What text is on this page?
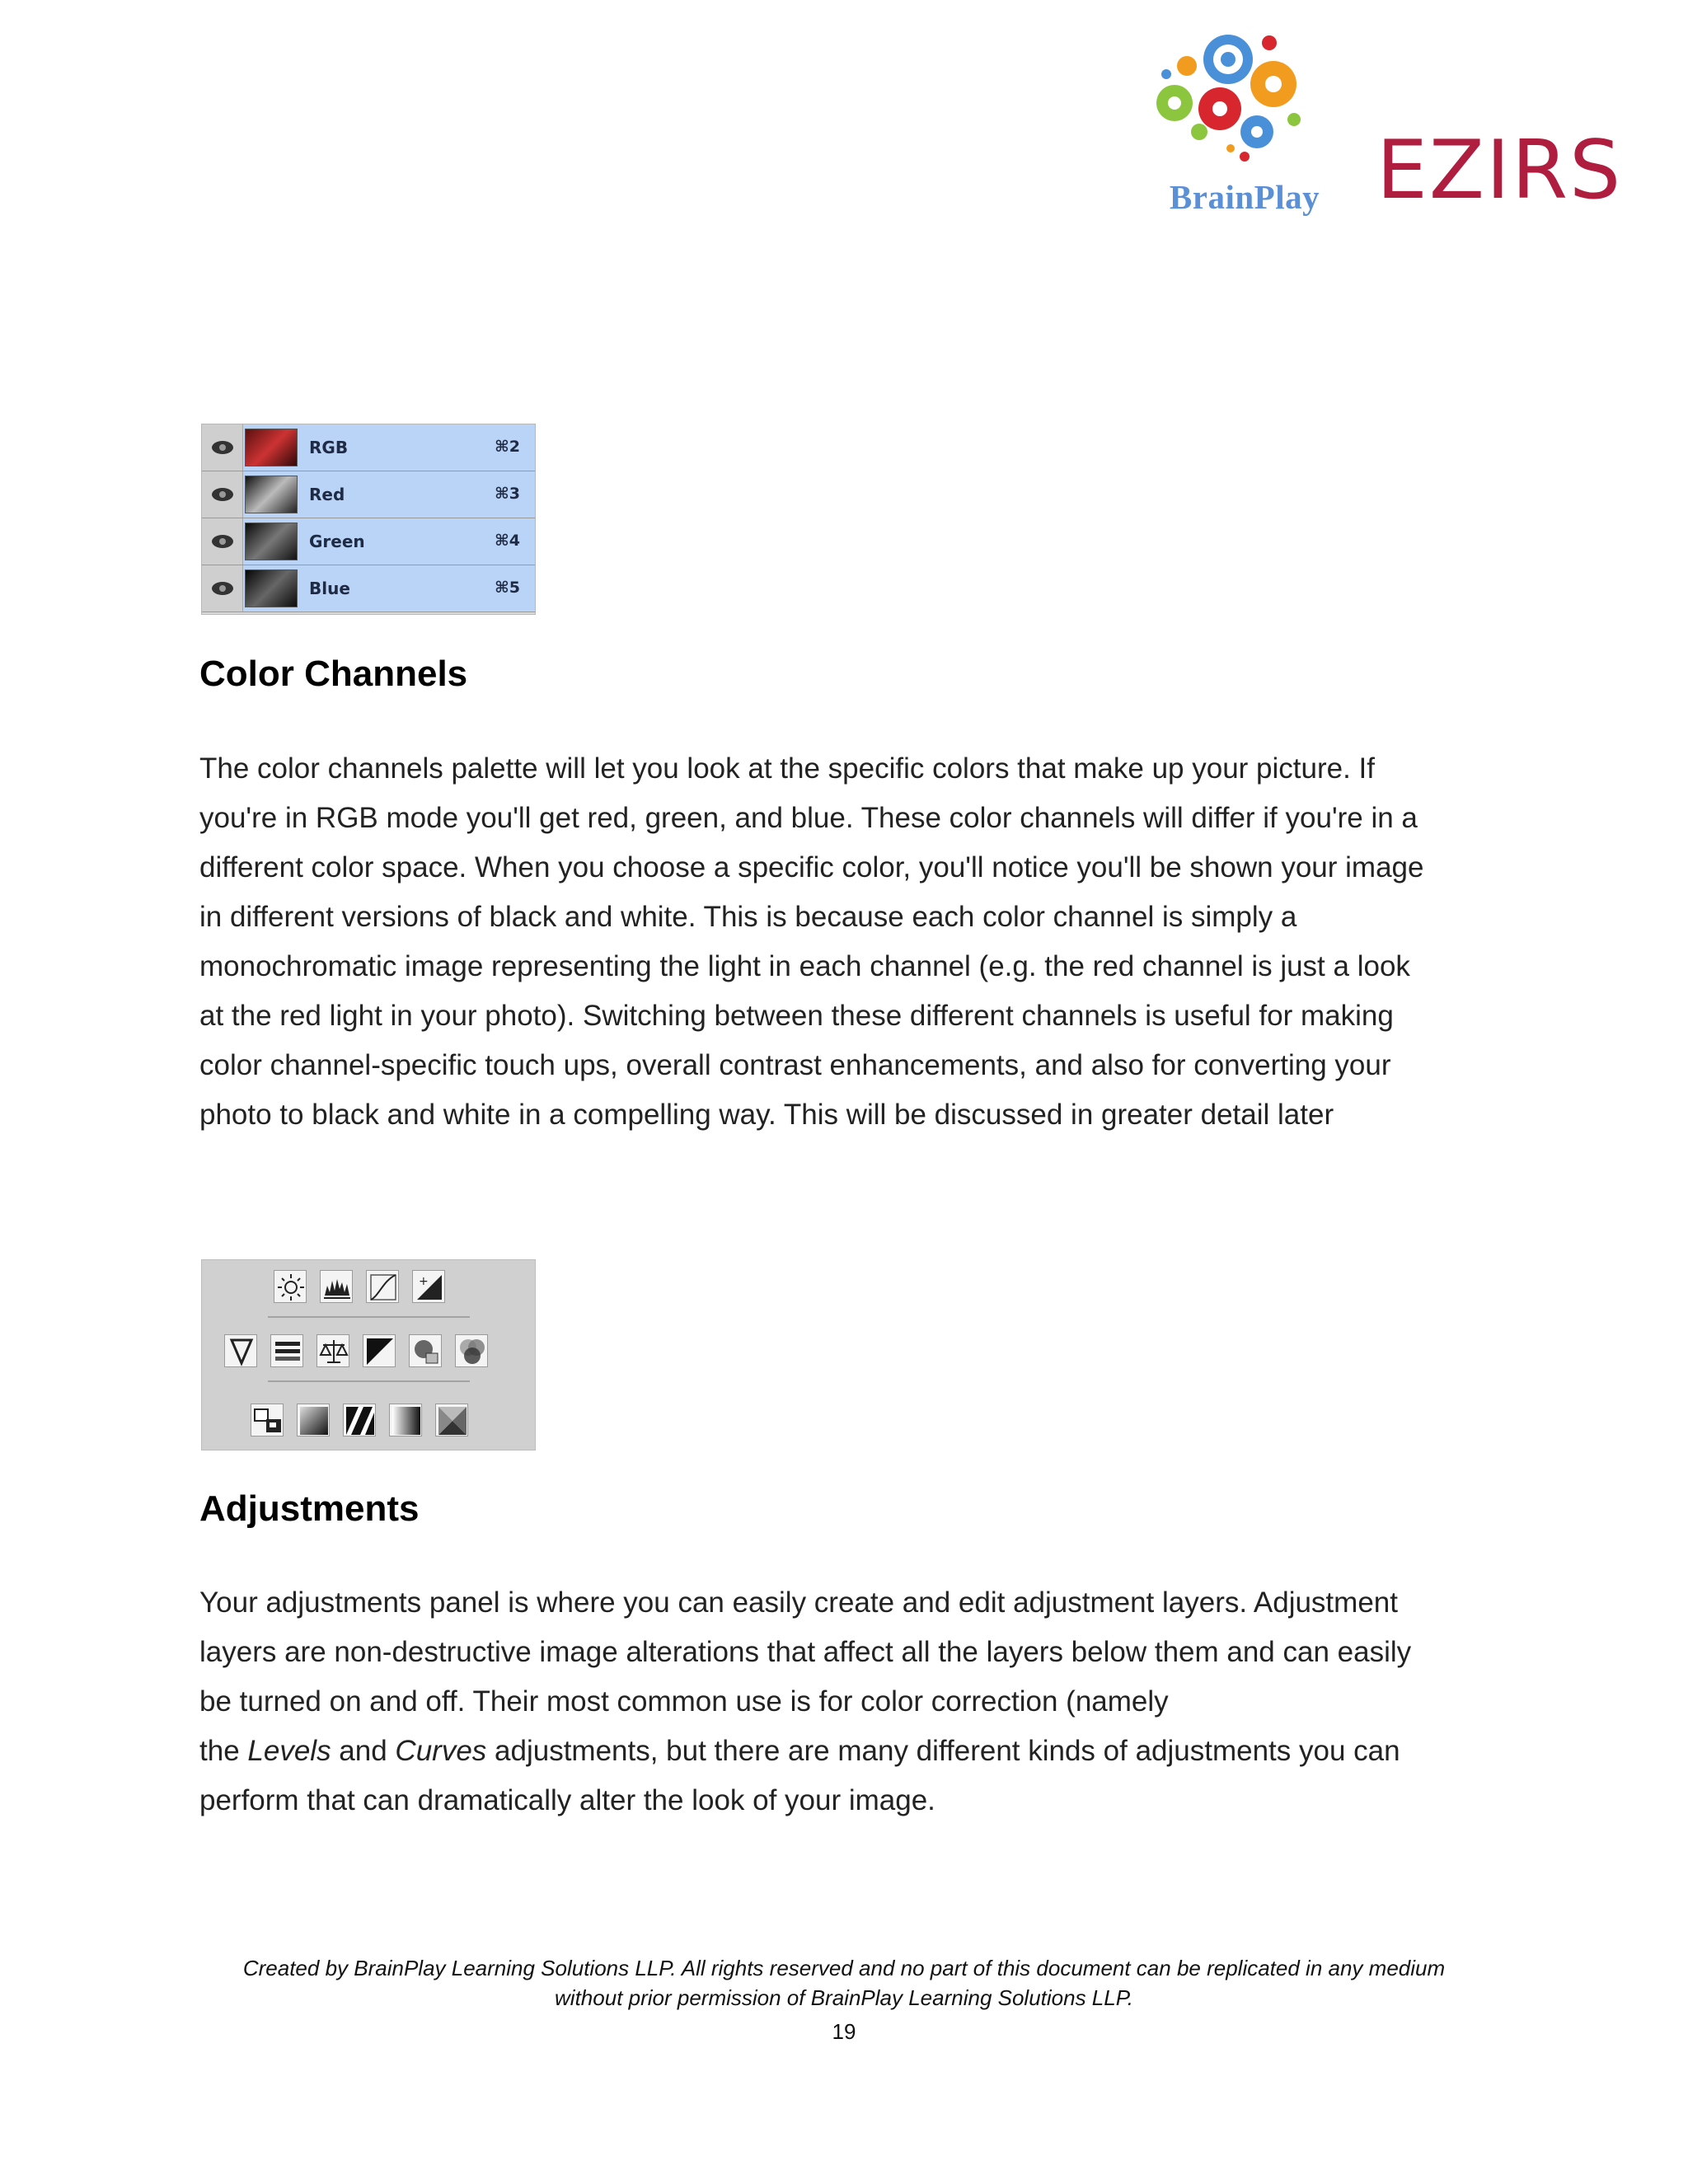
BrainPlay EZIRS
RGB	⌘2
Red	⌘3
Green	⌘4
Blue	⌘5
Color Channels

The color channels palette will let you look at the specific colors that make up your picture. If
you're in RGB mode you'll get red, green, and blue. These color channels will differ if you're in a
different color space. When you choose a specific color, you'll notice you'll be shown your image
in different versions of black and white. This is because each color channel is simply a
monochromatic image representing the light in each channel (e.g. the red channel is just a look
at the red light in your photo). Switching between these different channels is useful for making
color channel-specific touch ups, overall contrast enhancements, and also for converting your
photo to black and white in a compelling way. This will be discussed in greater detail later

+
Adjustments

Your adjustments panel is where you can easily create and edit adjustment layers. Adjustment
layers are non-destructive image alterations that affect all the layers below them and can easily
be turned on and off. Their most common use is for color correction (namely
the Levels and Curves adjustments, but there are many different kinds of adjustments you can
perform that can dramatically alter the look of your image.

Created by BrainPlay Learning Solutions LLP. All rights reserved and no part of this document can be replicated in any medium

without prior permission of BrainPlay Learning Solutions LLP.

19
